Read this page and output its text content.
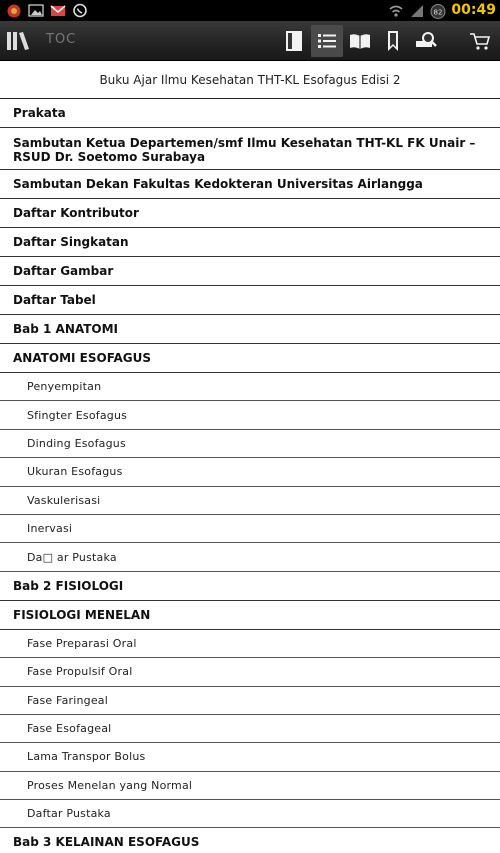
82 00:49
TOC
Buku Ajar Ilmu Kesehatan THT-KL Esofagus Edisi 2
Prakata
Sambutan Ketua Departemen/smf Ilmu Kesehatan THT-KL FK Unair – RSUD Dr. Soetomo Surabaya
Sambutan Dekan Fakultas Kedokteran Universitas Airlangga
Daftar Kontributor
Daftar Singkatan
Daftar Gambar
Daftar Tabel
Bab 1 ANATOMI
ANATOMI ESOFAGUS
Penyempitan
Sfingter Esofagus
Dinding Esofagus
Ukuran Esofagus
Vaskulerisasi
Inervasi
Da□ ar Pustaka
Bab 2 FISIOLOGI
FISIOLOGI MENELAN
Fase Preparasi Oral
Fase Propulsif Oral
Fase Faringeal
Fase Esofageal
Lama Transpor Bolus
Proses Menelan yang Normal
Daftar Pustaka
Bab 3 KELAINAN ESOFAGUS
